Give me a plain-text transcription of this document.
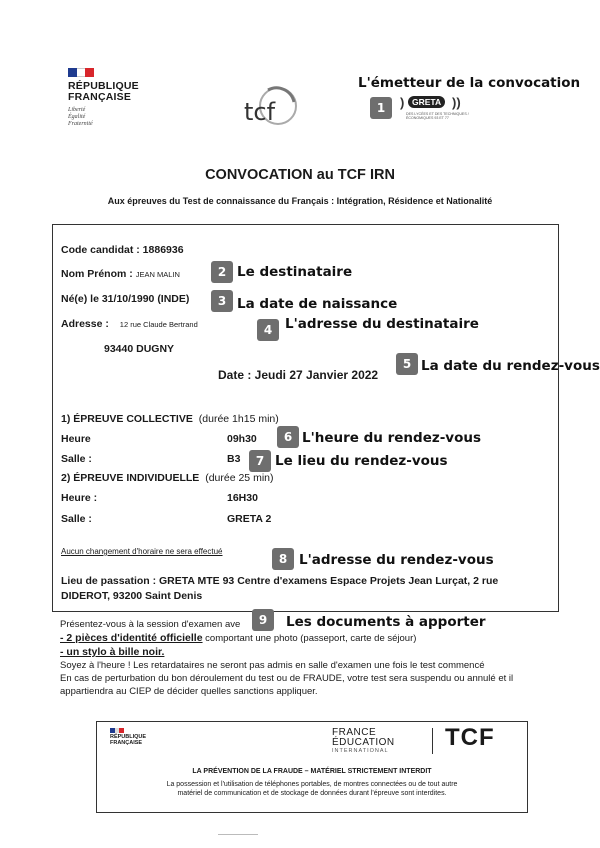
RÉPUBLIQUE
FRANÇAISE
Liberté
Égalité
Fraternité	tcf	) GRETA ))
DES LYCÉES ET DES TECHNIQUES / ÉCONOMIQUES 93 ET 77
CONVOCATION au TCF IRN
Aux épreuves du Test de connaissance du Français : Intégration, Résidence et Nationalité
Code candidat : 1886936
Nom Prénom : JEAN MALIN
Né(e) le 31/10/1990 (INDE)
Adresse : 12 rue Claude Bertrand
93440 DUGNY
Date : Jeudi 27 Janvier 2022
1) ÉPREUVE COLLECTIVE (durée 1h15 min)
Heure	09h30
Salle :	B3
2) ÉPREUVE INDIVIDUELLE (durée 25 min)
Heure :	16H30
Salle :	GRETA 2
Aucun changement d'horaire ne sera effectué
Lieu de passation : GRETA MTE 93 Centre d'examens Espace Projets Jean Lurçat, 2 rue
DIDEROT, 93200 Saint Denis
Présentez-vous à la session d'examen ave
- 2 pièces d'identité officielle comportant une photo (passeport, carte de séjour)
- un stylo à bille noir.
Soyez à l'heure ! Les retardataires ne seront pas admis en salle d'examen une fois le test commencé
En cas de perturbation du bon déroulement du test ou de FRAUDE, votre test sera suspendu ou annulé et il
appartiendra au CIEP de décider quelles sanctions appliquer.
RÉPUBLIQUE
FRANÇAISE
FRANCE
ÉDUCATION
INTERNATIONAL TCF
LA PRÉVENTION DE LA FRAUDE – MATÉRIEL STRICTEMENT INTERDIT
La possession et l'utilisation de téléphones portables, de montres connectées ou de tout autre
matériel de communication et de stockage de données durant l'épreuve sont interdites.
L'émetteur de la convocation
1
2 Le destinataire
3 La date de naissance
4 L'adresse du destinataire
5 La date du rendez-vous
6 L'heure du rendez-vous
7 Le lieu du rendez-vous
8 L'adresse du rendez-vous
9	Les documents à apporter
